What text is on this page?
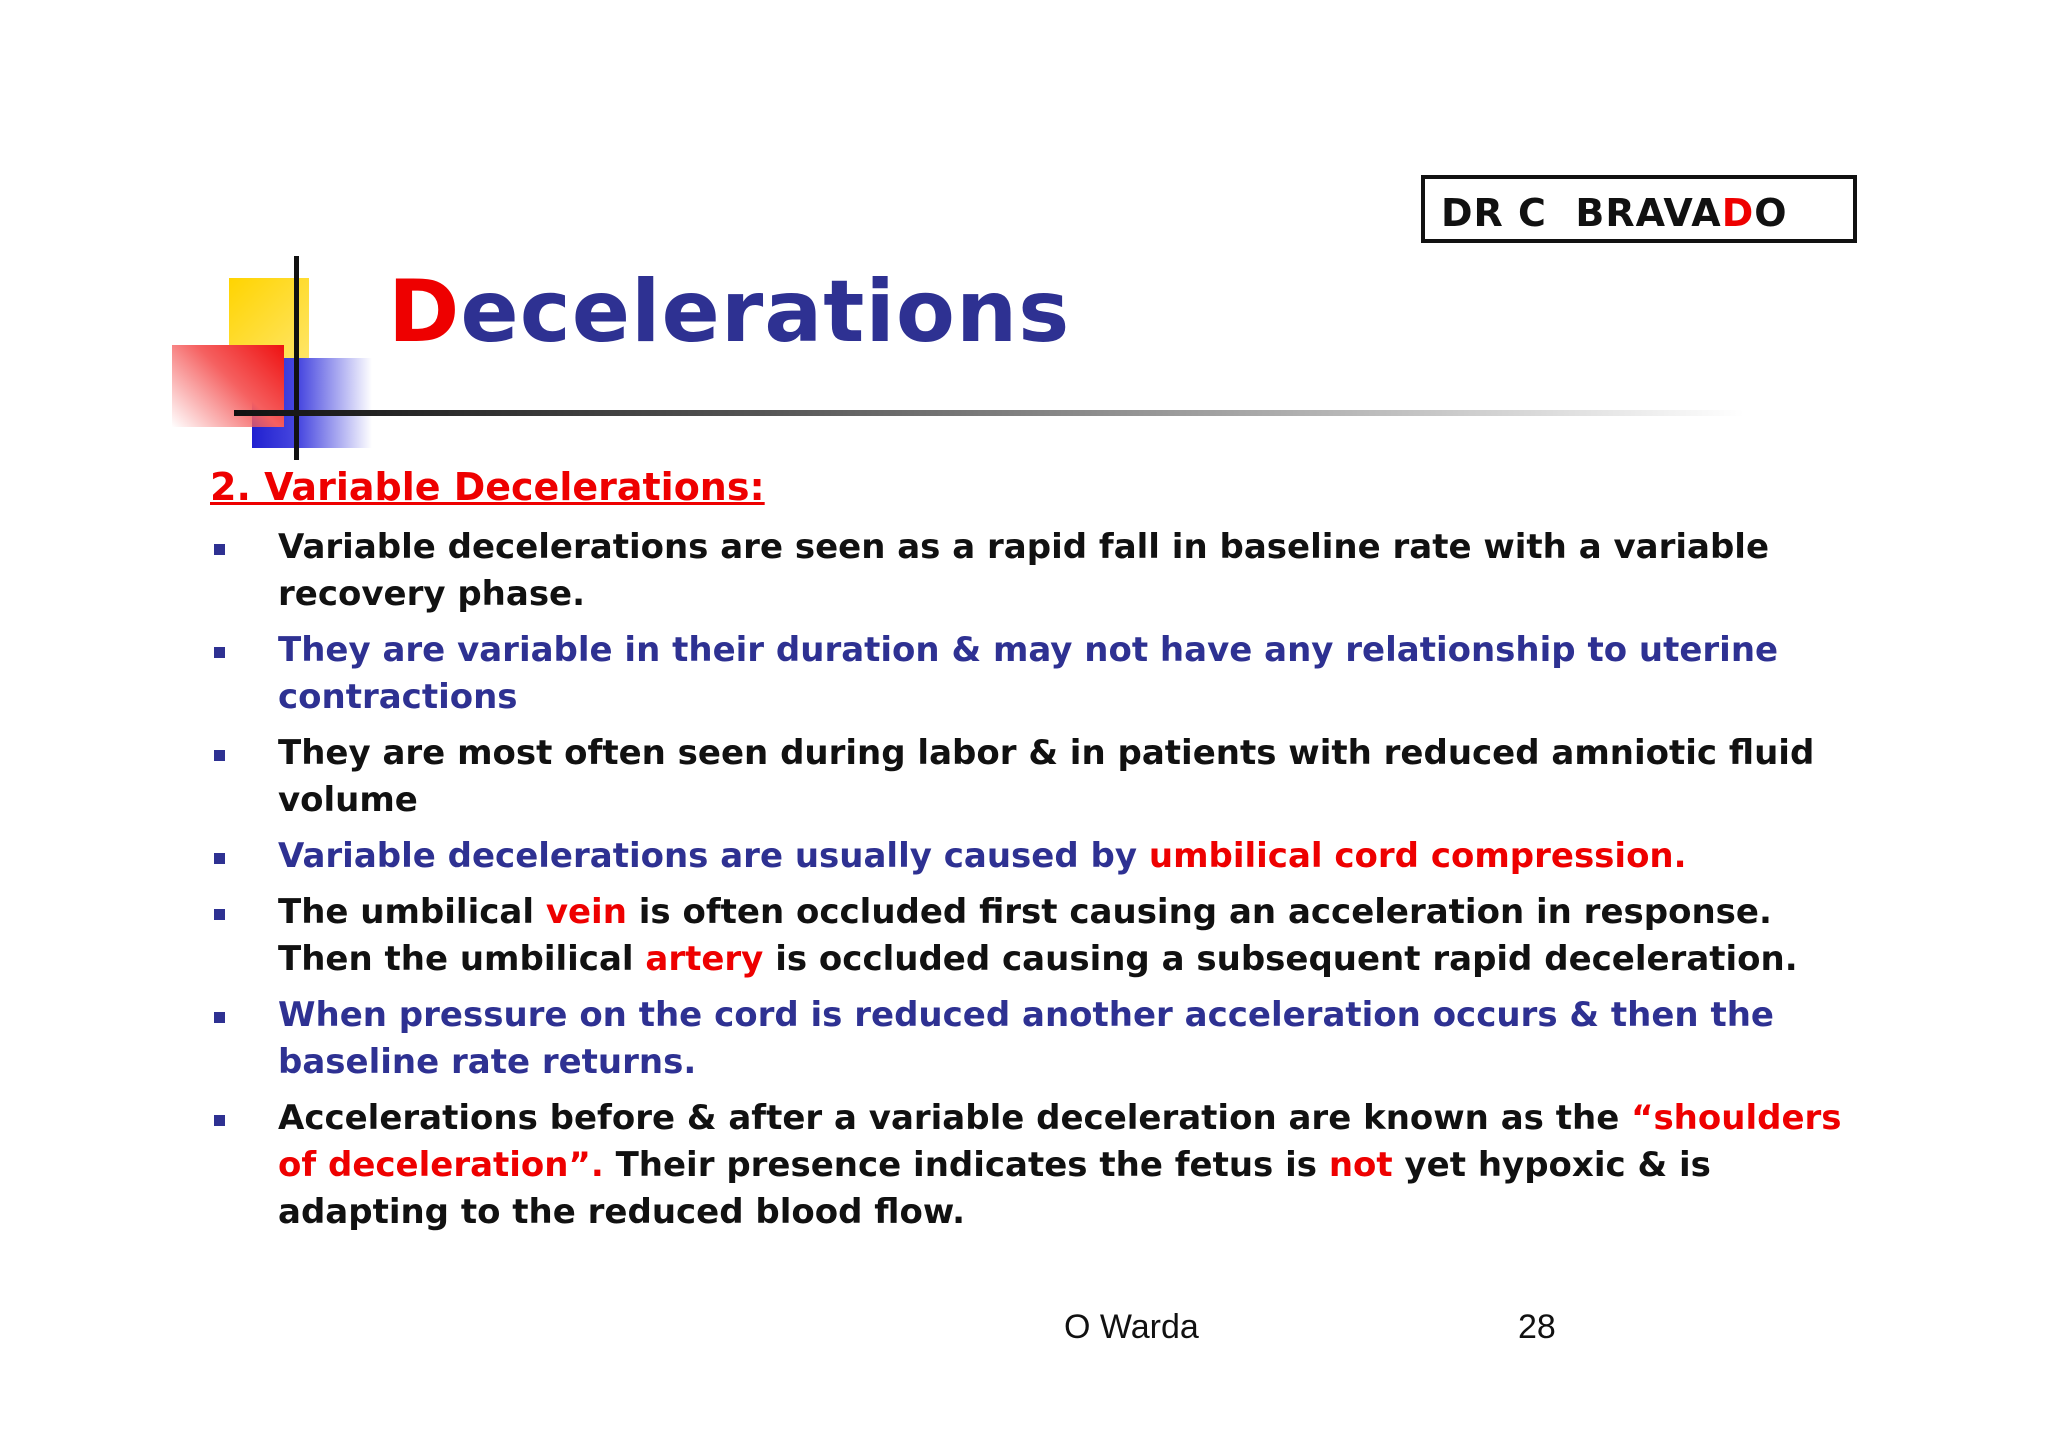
DR C  BRAVADO
Decelerations
2. Variable Decelerations:
Variable decelerations are seen as a rapid fall in baseline rate with a variable recovery phase.
They are variable in their duration & may not have any relationship to uterine contractions
They are most often seen during labor & in patients with reduced amniotic fluid volume
Variable decelerations are usually caused by umbilical cord compression.
The umbilical vein is often occluded first causing an acceleration in response. Then the umbilical artery is occluded causing a subsequent rapid deceleration.
When pressure on the cord is reduced another acceleration occurs & then the baseline rate returns.
Accelerations before & after a variable deceleration are known as the “shoulders of deceleration”. Their presence indicates the fetus is not yet hypoxic & is adapting to the reduced blood flow.
O Warda	28
